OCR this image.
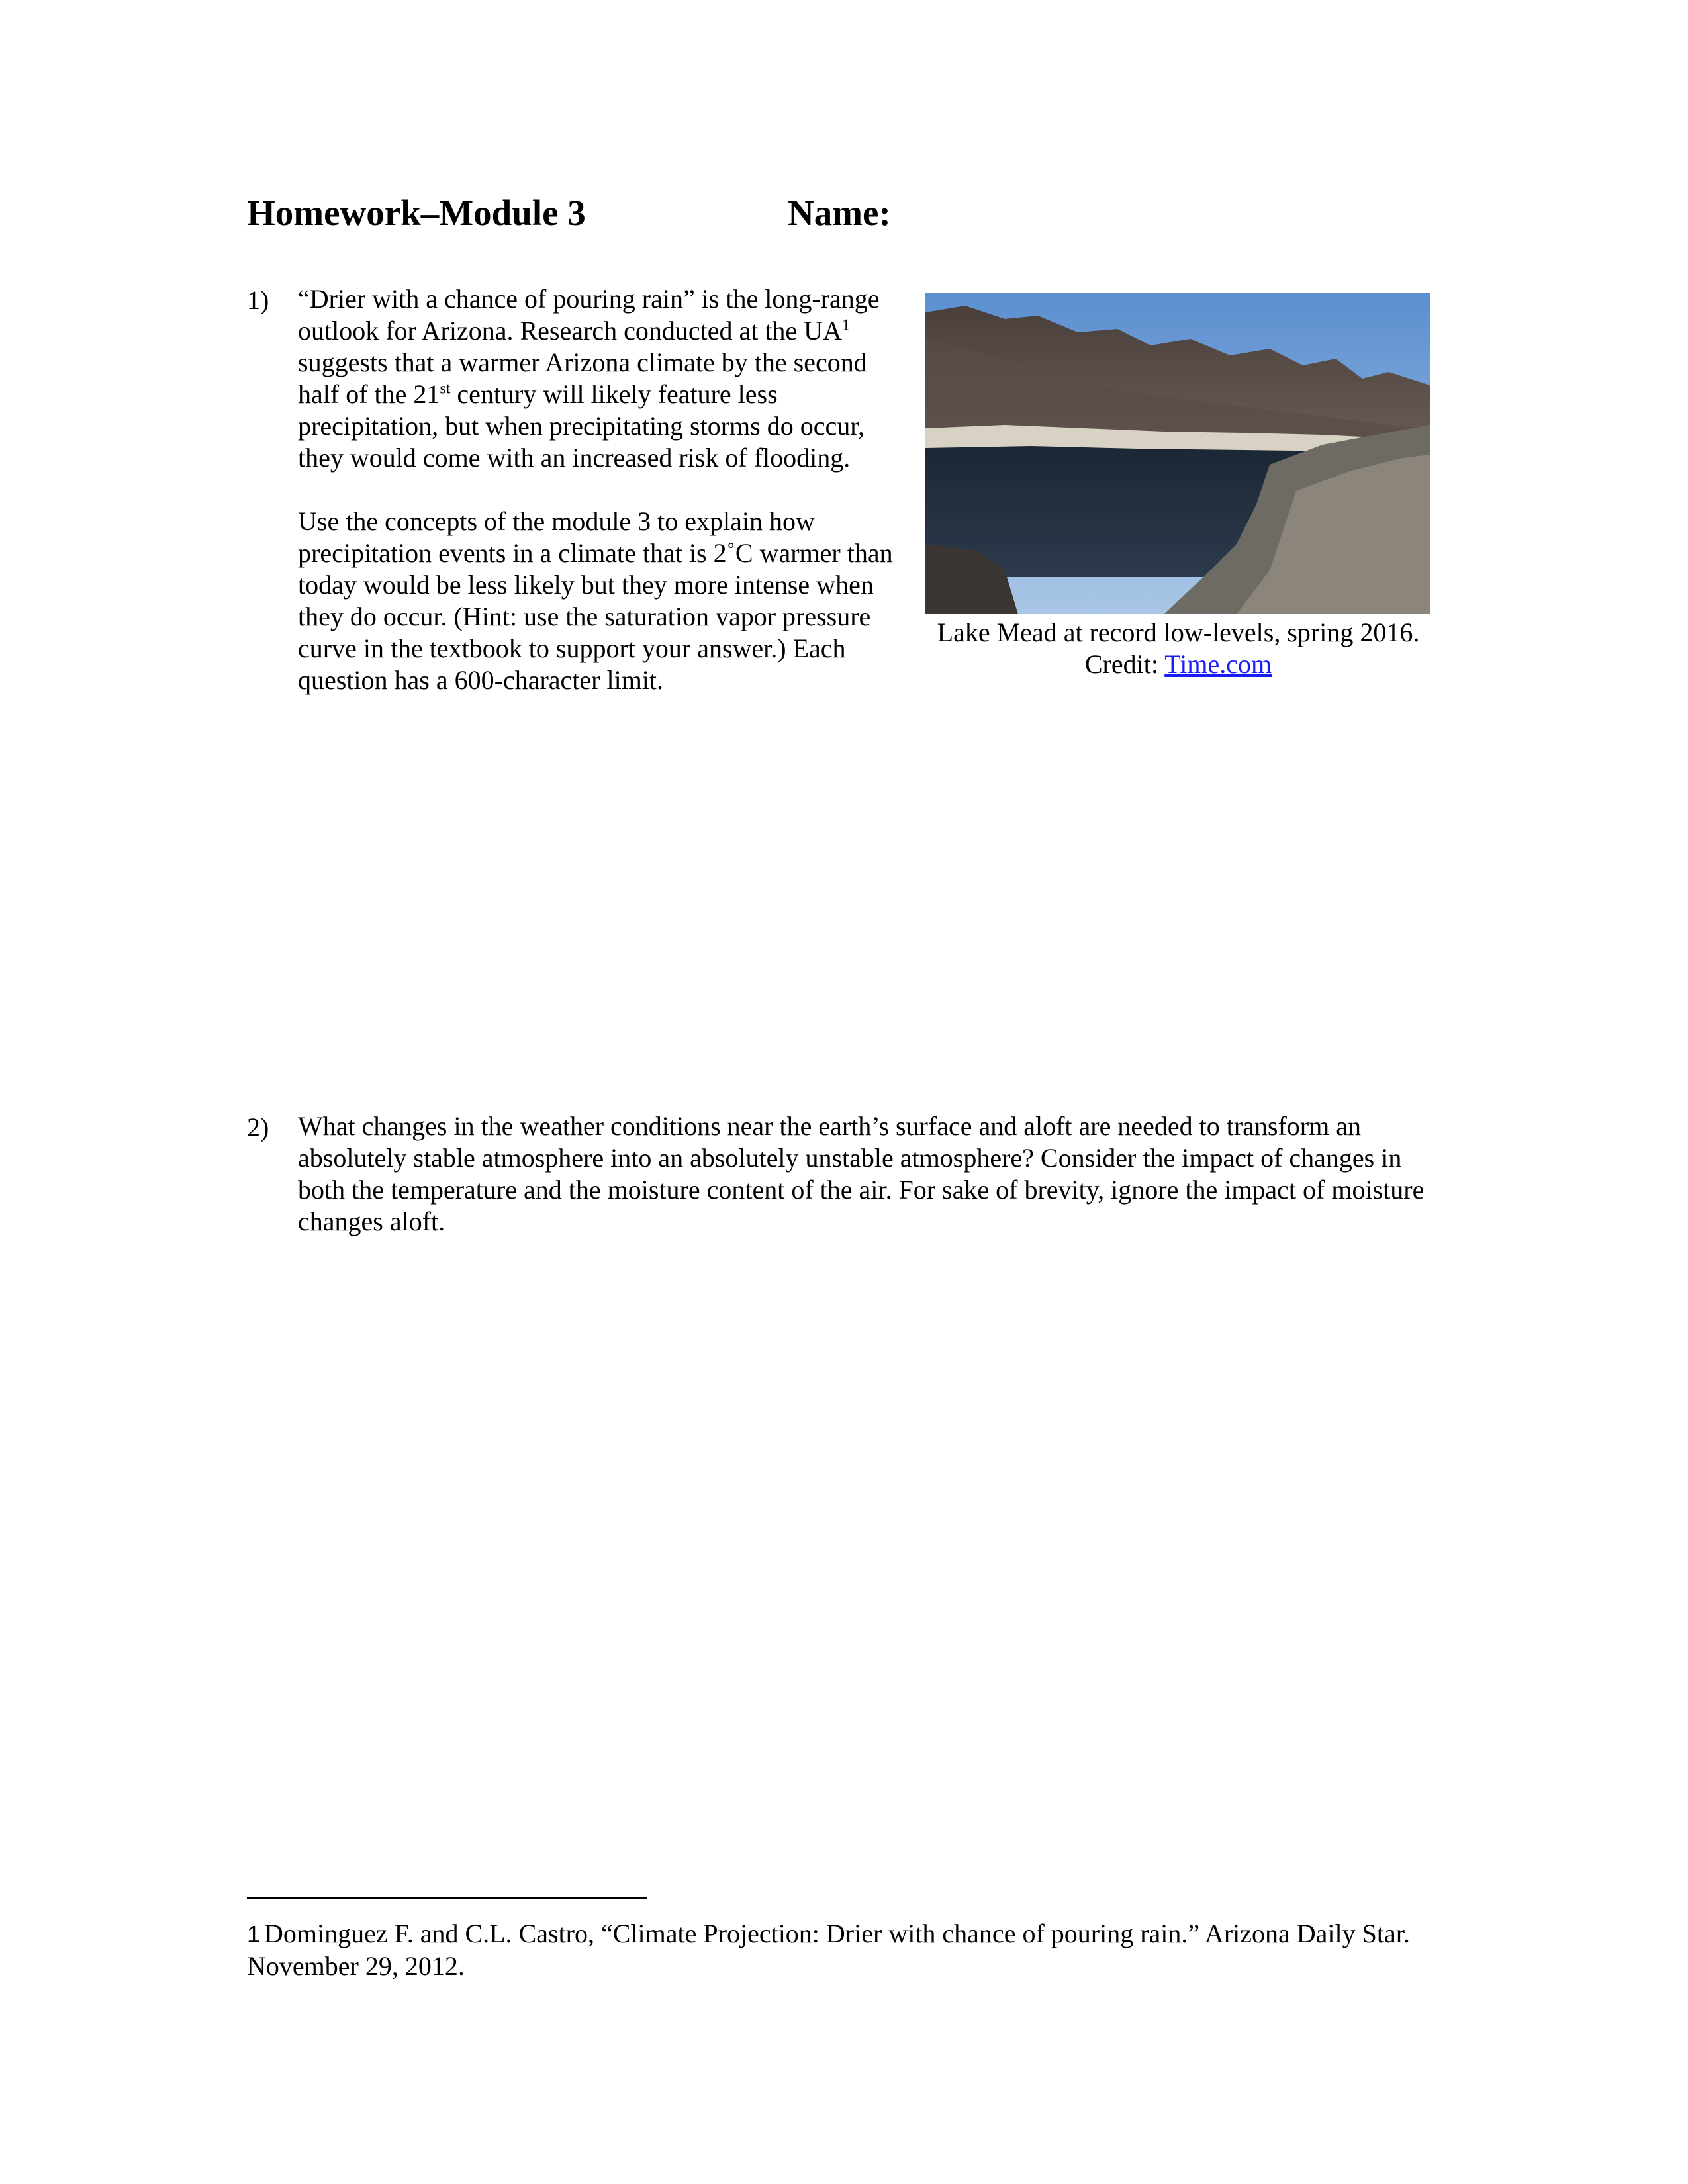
Homework–Module 3	Name:
1) “Drier with a chance of pouring rain” is the long-range outlook for Arizona. Research conducted at the $UA^1$ suggests that a warmer Arizona climate by the second half of the 21st century will likely feature less precipitation, but when precipitating storms do occur, they would come with an increased risk of flooding.

Use the concepts of the module 3 to explain how precipitation events in a climate that is 2˚C warmer than today would be less likely but they more intense when they do occur. (Hint: use the saturation vapor pressure curve in the textbook to support your answer.) Each question has a 600-character limit.

Lake Mead at record low-levels, spring 2016.
Credit: Time.com
2) What changes in the weather conditions near the earth’s surface and aloft are needed to transform an absolutely stable atmosphere into an absolutely unstable atmosphere? Consider the impact of changes in both the temperature and the moisture content of the air. For sake of brevity, ignore the impact of moisture changes aloft.
1 Dominguez F. and C.L. Castro, “Climate Projection: Drier with chance of pouring rain.” Arizona Daily Star. November 29, 2012.
